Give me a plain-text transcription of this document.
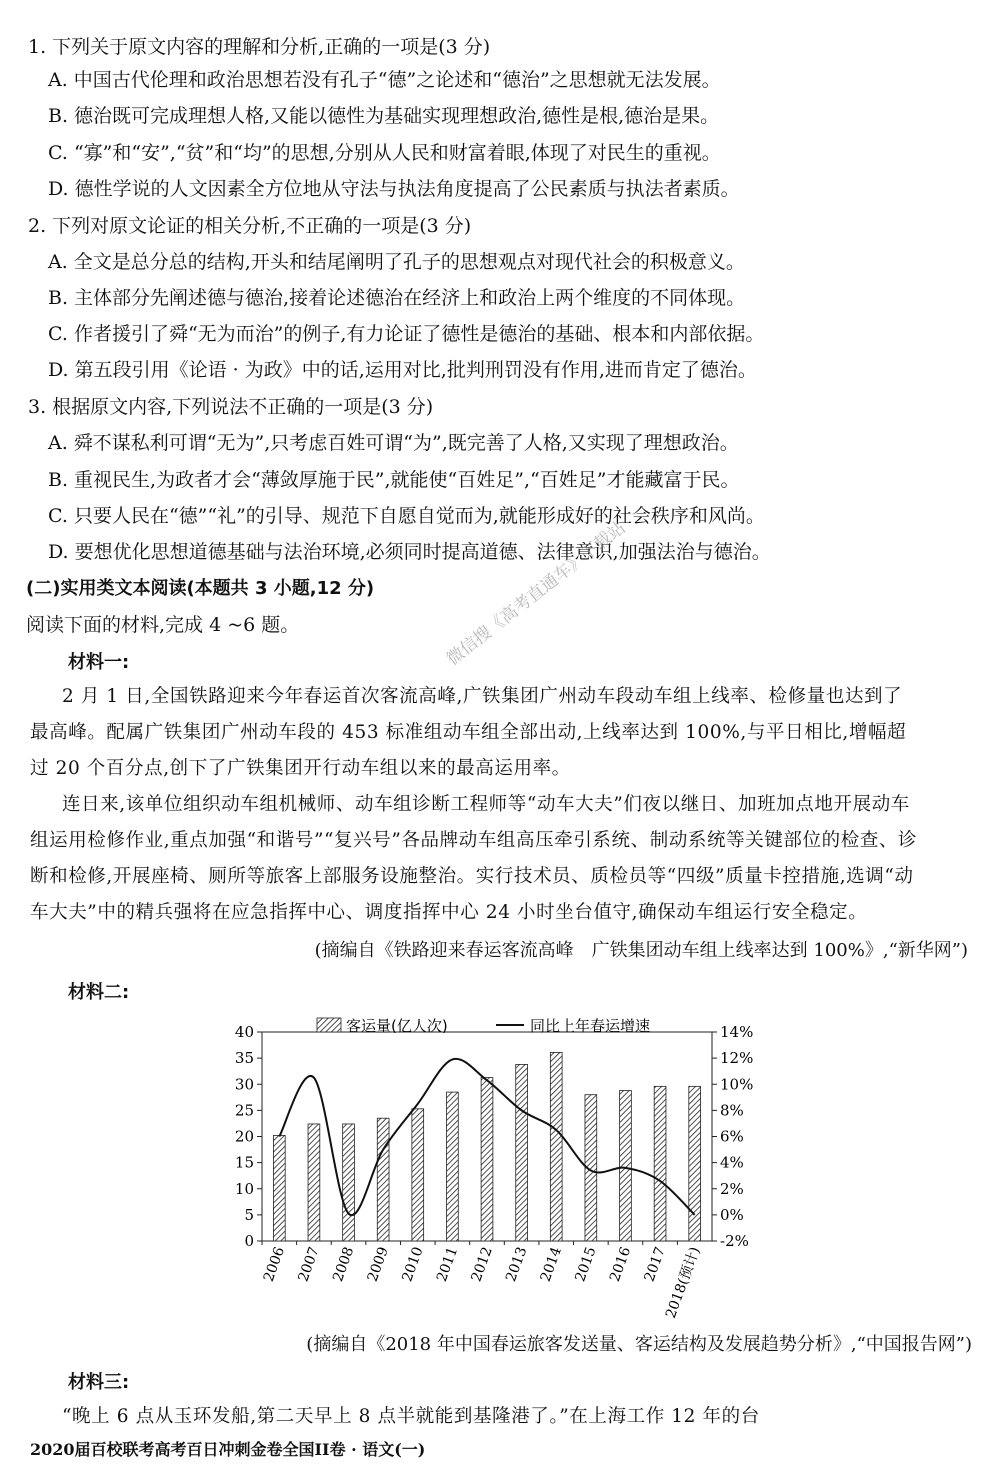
1. 下列关于原文内容的理解和分析,正确的一项是(3 分)
A. 中国古代伦理和政治思想若没有孔子“德”之论述和“德治”之思想就无法发展。
B. 德治既可完成理想人格,又能以德性为基础实现理想政治,德性是根,德治是果。
C. “寡”和“安”,“贫”和“均”的思想,分别从人民和财富着眼,体现了对民生的重视。
D. 德性学说的人文因素全方位地从守法与执法角度提高了公民素质与执法者素质。
2. 下列对原文论证的相关分析,不正确的一项是(3 分)
A. 全文是总分总的结构,开头和结尾阐明了孔子的思想观点对现代社会的积极意义。
B. 主体部分先阐述德与德治,接着论述德治在经济上和政治上两个维度的不同体现。
C. 作者援引了舜“无为而治”的例子,有力论证了德性是德治的基础、根本和内部依据。
D. 第五段引用《论语 · 为政》中的话,运用对比,批判刑罚没有作用,进而肯定了德治。
3. 根据原文内容,下列说法不正确的一项是(3 分)
A. 舜不谋私利可谓“无为”,只考虑百姓可谓“为”,既完善了人格,又实现了理想政治。
B. 重视民生,为政者才会“薄敛厚施于民”,就能使“百姓足”,“百姓足”才能藏富于民。
C. 只要人民在“德”“礼”的引导、规范下自愿自觉而为,就能形成好的社会秩序和风尚。
D. 要想优化思想道德基础与法治环境,必须同时提高道德、法律意识,加强法治与德治。
(二)实用类文本阅读(本题共 3 小题,12 分)
阅读下面的材料,完成 4 ~6 题。
材料一:
2 月 1 日,全国铁路迎来今年春运首次客流高峰,广铁集团广州动车段动车组上线率、检修量也达到了
最高峰。配属广铁集团广州动车段的 453 标准组动车组全部出动,上线率达到 100%,与平日相比,增幅超
过 20 个百分点,创下了广铁集团开行动车组以来的最高运用率。
连日来,该单位组织动车组机械师、动车组诊断工程师等“动车大夫”们夜以继日、加班加点地开展动车
组运用检修作业,重点加强“和谐号”“复兴号”各品牌动车组高压牵引系统、制动系统等关键部位的检查、诊
断和检修,开展座椅、厕所等旅客上部服务设施整治。实行技术员、质检员等“四级”质量卡控措施,选调“动
车大夫”中的精兵强将在应急指挥中心、调度指挥中心 24 小时坐台值守,确保动车组运行安全稳定。
(摘编自《铁路迎来春运客流高峰　广铁集团动车组上线率达到 100%》,“新华网”)
微信搜《高考直通车》下载站
材料二:
0
5
10
15
20
25
30
35
40
-2%
0%
2%
4%
6%
8%
10%
12%
14%
2006 2007 2008 2009 2010 2011 2012 2013 2014 2015 2016 2017
2018(预计)
客运量(亿人次)	同比上年春运增速
(摘编自《2018 年中国春运旅客发送量、客运结构及发展趋势分析》,“中国报告网”)
材料三:
“晚上 6 点从玉环发船,第二天早上 8 点半就能到基隆港了。”在上海工作 12 年的台
2020届百校联考高考百日冲刺金卷全国II卷 · 语文(一)
